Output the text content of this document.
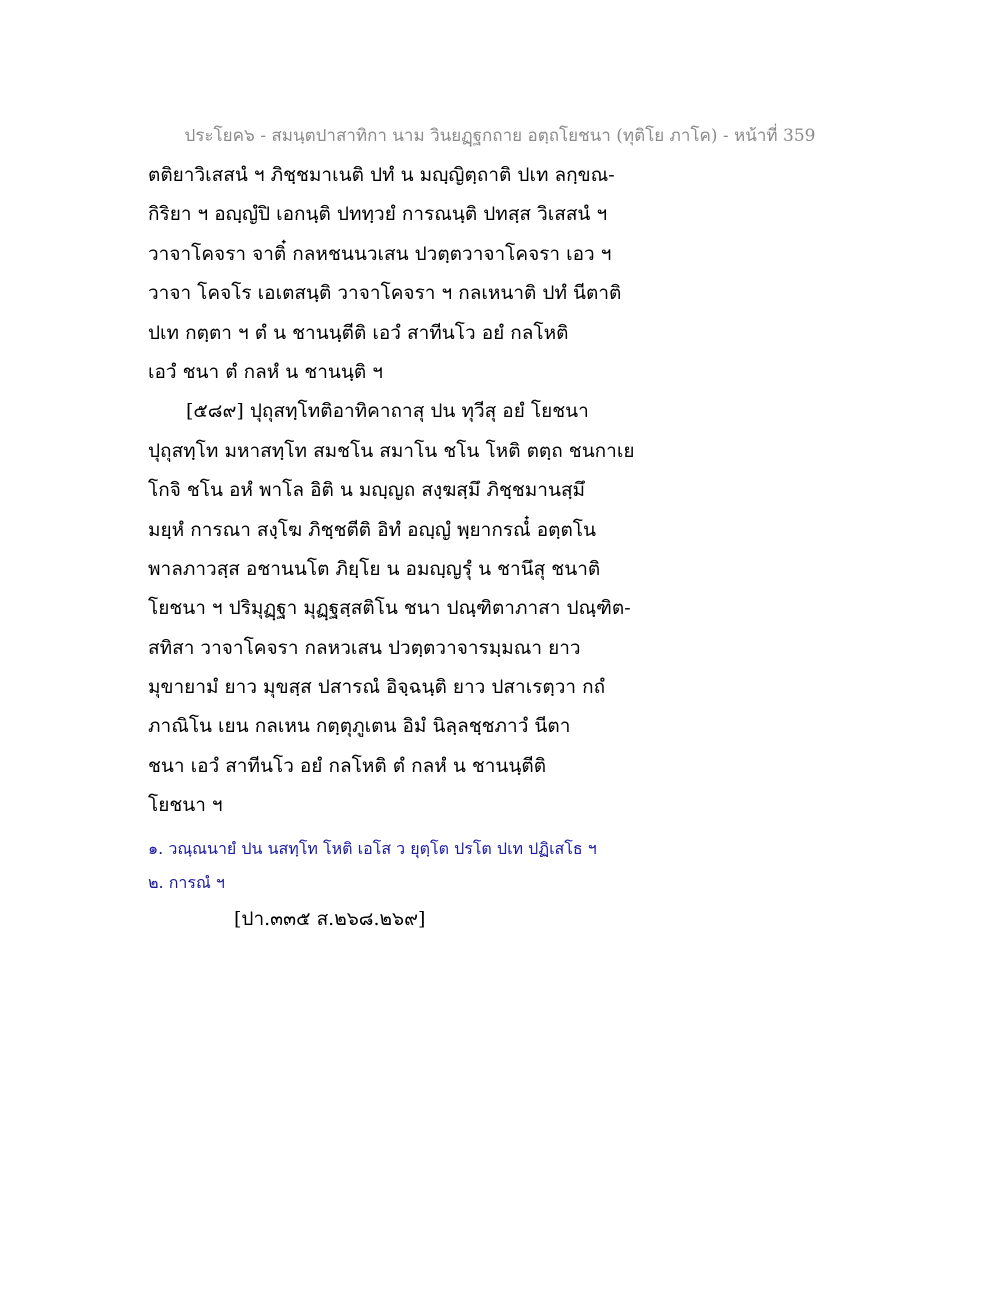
ประโยค๖ - สมนฺตปาสาทิกา นาม วินยฏฺฐกถาย อตฺถโยชนา (ทุติโย ภาโค) - หน้าที่ 359
ตติยาวิเสสนํ ฯ ภิชฺชมาเนติ ปทํ น มญฺญิตฺถาติ ปเท ลกฺขณ-
กิริยา ฯ อญฺญํปิ เอกนฺติ ปททฺวยํ การณนฺติ ปทสฺส วิเสสนํ ฯ
วาจาโคจรา จาติ๋ กลหชนนวเสน ปวตฺตวาจาโคจรา เอว ฯ
วาจา โคจโร เอเตสนฺติ วาจาโคจรา ฯ กลเหนาติ ปทํ นีตาติ
ปเท กตฺตา ฯ ตํ น ชานนฺตีติ เอวํ สาทีนโว อยํ กลโหติ
เอวํ ชนา ตํ กลหํ น ชานนฺติ ฯ
[๕๘๙] ปุถุสทฺโทติอาทิคาถาสุ ปน ทุวีสุ อยํ โยชนา
ปุถุสทฺโท มหาสทฺโท สมชโน สมาโน ชโน โหติ ตตฺถ ชนกาเย
โกจิ ชโน อหํ พาโล อิติ น มญฺญถ สงฺฆสฺมึ ภิชฺชมานสฺมึ
มยฺหํ การณา สงฺโฆ ภิชฺชตีติ อิทํ อญฺญํ พฺยากรณํ๋ อตฺตโน
พาลภาวสฺส อชานนโต ภิยฺโย น อมญฺญรุํ น ชานึสุ ชนาติ
โยชนา ฯ ปริมุฏฺฐา มุฏฺฐสฺสติโน ชนา ปณฺฑิตาภาสา ปณฺฑิต-
สทิสา วาจาโคจรา กลหวเสน ปวตฺตวาจารมฺมณา ยาว
มุขายามํ ยาว มุขสฺส ปสารณํ อิจฺฉนฺติ ยาว ปสาเรตฺวา กถํ
ภาณิโน เยน กลเหน กตฺตุภูเตน อิมํ นิลฺลชฺชภาวํ นีตา
ชนา เอวํ สาทีนโว อยํ กลโหติ ตํ กลหํ น ชานนฺตีติ
โยชนา ฯ
๑. วณฺณนายํ ปน นสทฺโท โหติ เอโส ว ยุตฺโต ปรโต ปเท ปฏิเสโธ ฯ
๒. การณํ ฯ
[ปา.๓๓๕ ส.๒๖๘.๒๖๙]
